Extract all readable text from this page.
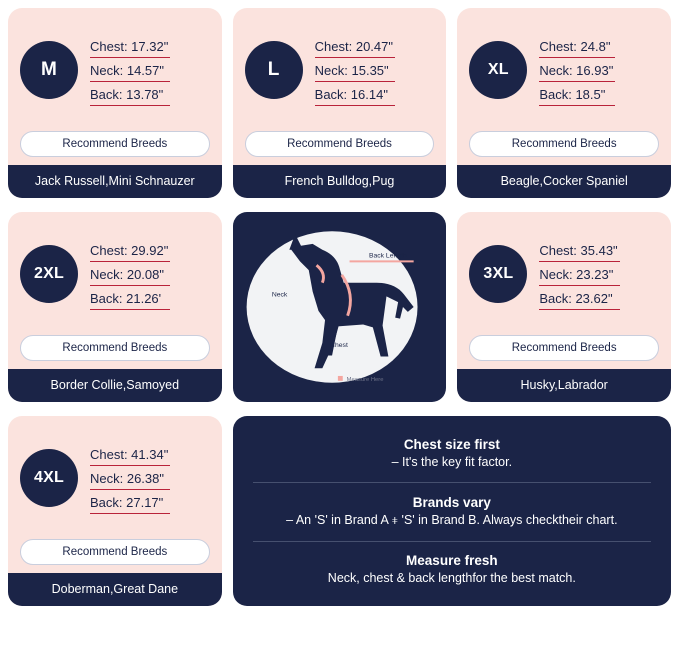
M
Chest: 17.32"
Neck: 14.57"
Back: 13.78"
Recommend Breeds
Jack Russell,Mini Schnauzer
L
Chest: 20.47"
Neck: 15.35"
Back: 16.14"
Recommend Breeds
French Bulldog,Pug
XL
Chest: 24.8"
Neck: 16.93"
Back: 18.5"
Recommend Breeds
Beagle,Cocker Spaniel
2XL
Chest: 29.92"
Neck: 20.08"
Back: 21.26'
Recommend Breeds
Border Collie,Samoyed
Back Length
Neck
Chest
Measure Here
3XL
Chest: 35.43"
Neck: 23.23"
Back: 23.62"
Recommend Breeds
Husky,Labrador
4XL
Chest: 41.34"
Neck: 26.38"
Back: 27.17"
Recommend Breeds
Doberman,Great Dane
Chest size first
– It's the key fit factor.
Brands vary
– An 'S' in Brand A ⧧ 'S' in Brand B. Always checktheir chart.
Measure fresh
Neck, chest & back lengthfor the best match.
